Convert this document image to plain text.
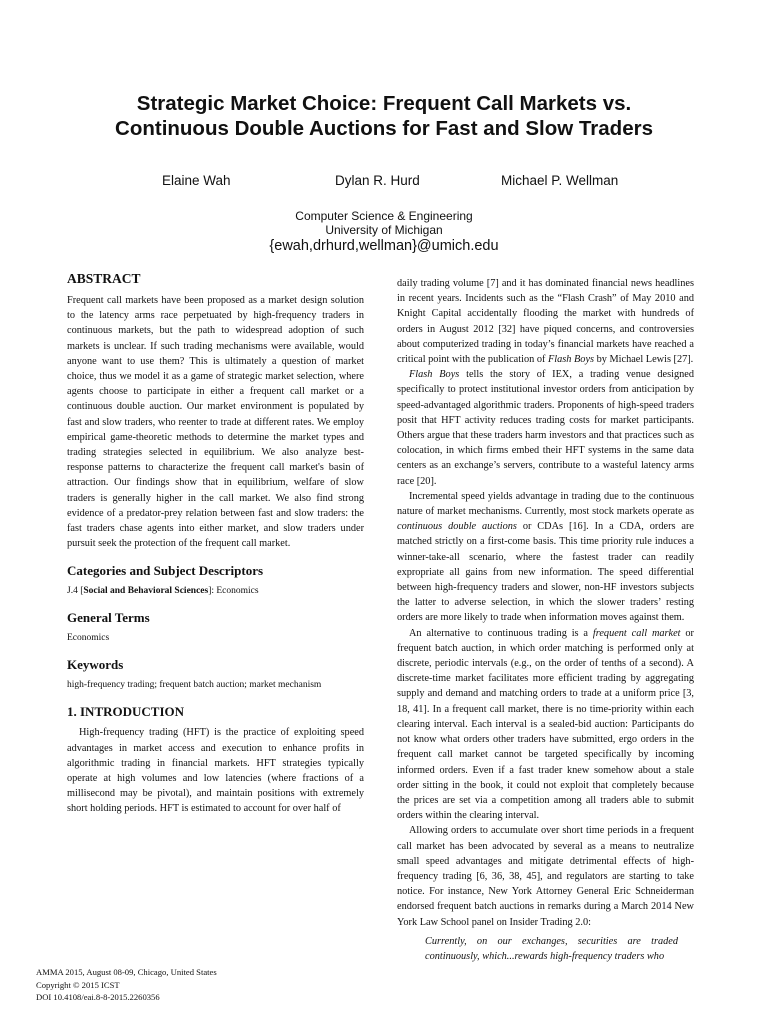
Strategic Market Choice: Frequent Call Markets vs.
Continuous Double Auctions for Fast and Slow Traders
Elaine Wah	Dylan R. Hurd	Michael P. Wellman
Computer Science & Engineering
University of Michigan
{ewah,drhurd,wellman}@umich.edu
ABSTRACT

Frequent call markets have been proposed as a market design solution to the latency arms race perpetuated by high-frequency traders in continuous markets, but the path to widespread adoption of such markets is unclear. If such trading mechanisms were available, would anyone want to use them? This is ultimately a question of market choice, thus we model it as a game of strategic market selection, where agents choose to participate in either a frequent call market or a continuous double auction. Our market environment is populated by fast and slow traders, who reenter to trade at different rates. We employ empirical game-theoretic methods to determine the market types and trading strategies selected in equilibrium. We also analyze best-response patterns to characterize the frequent call market's basin of attraction. Our findings show that in equilibrium, welfare of slow traders is generally higher in the call market. We also find strong evidence of a predator-prey relation between fast and slow traders: the fast traders chase agents into either market, and slow traders under pursuit seek the protection of the frequent call market.

Categories and Subject Descriptors

J.4 [Social and Behavioral Sciences]: Economics

General Terms

Economics

Keywords

high-frequency trading; frequent batch auction; market mechanism

1. INTRODUCTION

High-frequency trading (HFT) is the practice of exploiting speed advantages in market access and execution to enhance profits in algorithmic trading in financial markets. HFT strategies typically operate at high volumes and low latencies (where fractions of a millisecond may be pivotal), and maintain positions with extremely short holding periods. HFT is estimated to account for over half of

daily trading volume [7] and it has dominated financial news headlines in recent years. Incidents such as the “Flash Crash” of May 2010 and Knight Capital accidentally flooding the market with hundreds of orders in August 2012 [32] have piqued concerns, and controversies about computerized trading in today’s financial markets have reached a critical point with the publication of Flash Boys by Michael Lewis [27].

Flash Boys tells the story of IEX, a trading venue designed specifically to protect institutional investor orders from anticipation by speed-advantaged algorithmic traders. Proponents of high-speed traders posit that HFT activity reduces trading costs for market participants. Others argue that these traders harm investors and that practices such as colocation, in which firms embed their HFT systems in the same data centers as an exchange’s servers, contribute to a wasteful latency arms race [20].

Incremental speed yields advantage in trading due to the continuous nature of market mechanisms. Currently, most stock markets operate as continuous double auctions or CDAs [16]. In a CDA, orders are matched strictly on a first-come basis. This time priority rule induces a winner-take-all scenario, where the fastest trader can readily expropriate all gains from new information. The speed differential between high-frequency traders and slower, non-HF investors subjects the latter to adverse selection, in which the slower traders’ resting orders are more likely to trade when information moves against them.

An alternative to continuous trading is a frequent call market or frequent batch auction, in which order matching is performed only at discrete, periodic intervals (e.g., on the order of tenths of a second). A discrete-time market facilitates more efficient trading by aggregating supply and demand and matching orders to trade at a uniform price [3, 18, 41]. In a frequent call market, there is no time-priority within each clearing interval. Each interval is a sealed-bid auction: Participants do not know what orders other traders have submitted, ergo orders in the frequent call market cannot be targeted specifically by incoming informed orders. Even if a fast trader knew somehow about a stale order sitting in the book, it could not exploit that completely because the prices are set via a competition among all traders able to submit orders within the clearing interval.

Allowing orders to accumulate over short time periods in a frequent call market has been advocated by several as a means to neutralize small speed advantages and mitigate detrimental effects of high-frequency trading [6, 36, 38, 45], and regulators are starting to take notice. For instance, New York Attorney General Eric Schneiderman endorsed frequent batch auctions in remarks during a March 2014 New York Law School panel on Insider Trading 2.0:

Currently, on our exchanges, securities are traded continuously, which...rewards high-frequency traders who

AMMA 2015, August 08-09, Chicago, United States
Copyright © 2015 ICST
DOI 10.4108/eai.8-8-2015.2260356
